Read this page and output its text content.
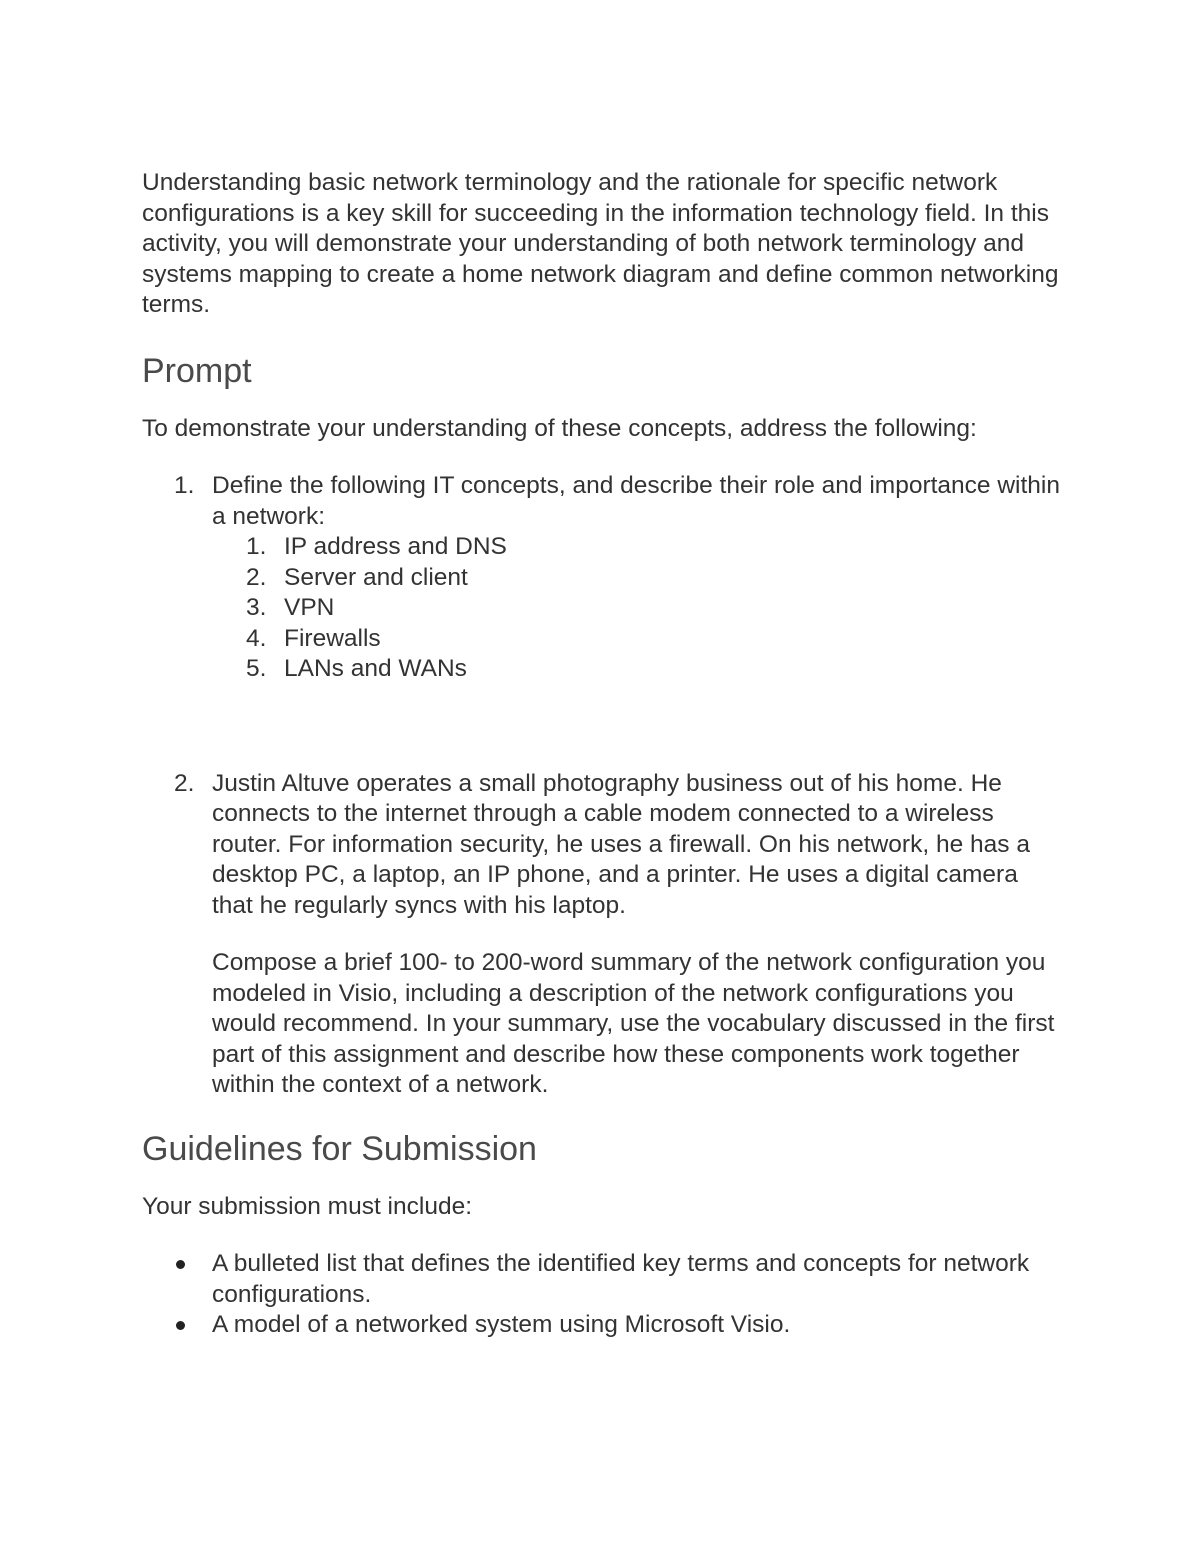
Understanding basic network terminology and the rationale for specific network configurations is a key skill for succeeding in the information technology field. In this activity, you will demonstrate your understanding of both network terminology and systems mapping to create a home network diagram and define common networking terms.

Prompt

To demonstrate your understanding of these concepts, address the following:

1. Define the following IT concepts, and describe their role and importance within a network:
1. IP address and DNS
2. Server and client
3. VPN
4. Firewalls
5. LANs and WANs
2. Justin Altuve operates a small photography business out of his home. He connects to the internet through a cable modem connected to a wireless router. For information security, he uses a firewall. On his network, he has a desktop PC, a laptop, an IP phone, and a printer. He uses a digital camera that he regularly syncs with his laptop.
Compose a brief 100- to 200-word summary of the network configuration you modeled in Visio, including a description of the network configurations you would recommend. In your summary, use the vocabulary discussed in the first part of this assignment and describe how these components work together within the context of a network.
Guidelines for Submission

Your submission must include:

A bulleted list that defines the identified key terms and concepts for network configurations.
A model of a networked system using Microsoft Visio.
